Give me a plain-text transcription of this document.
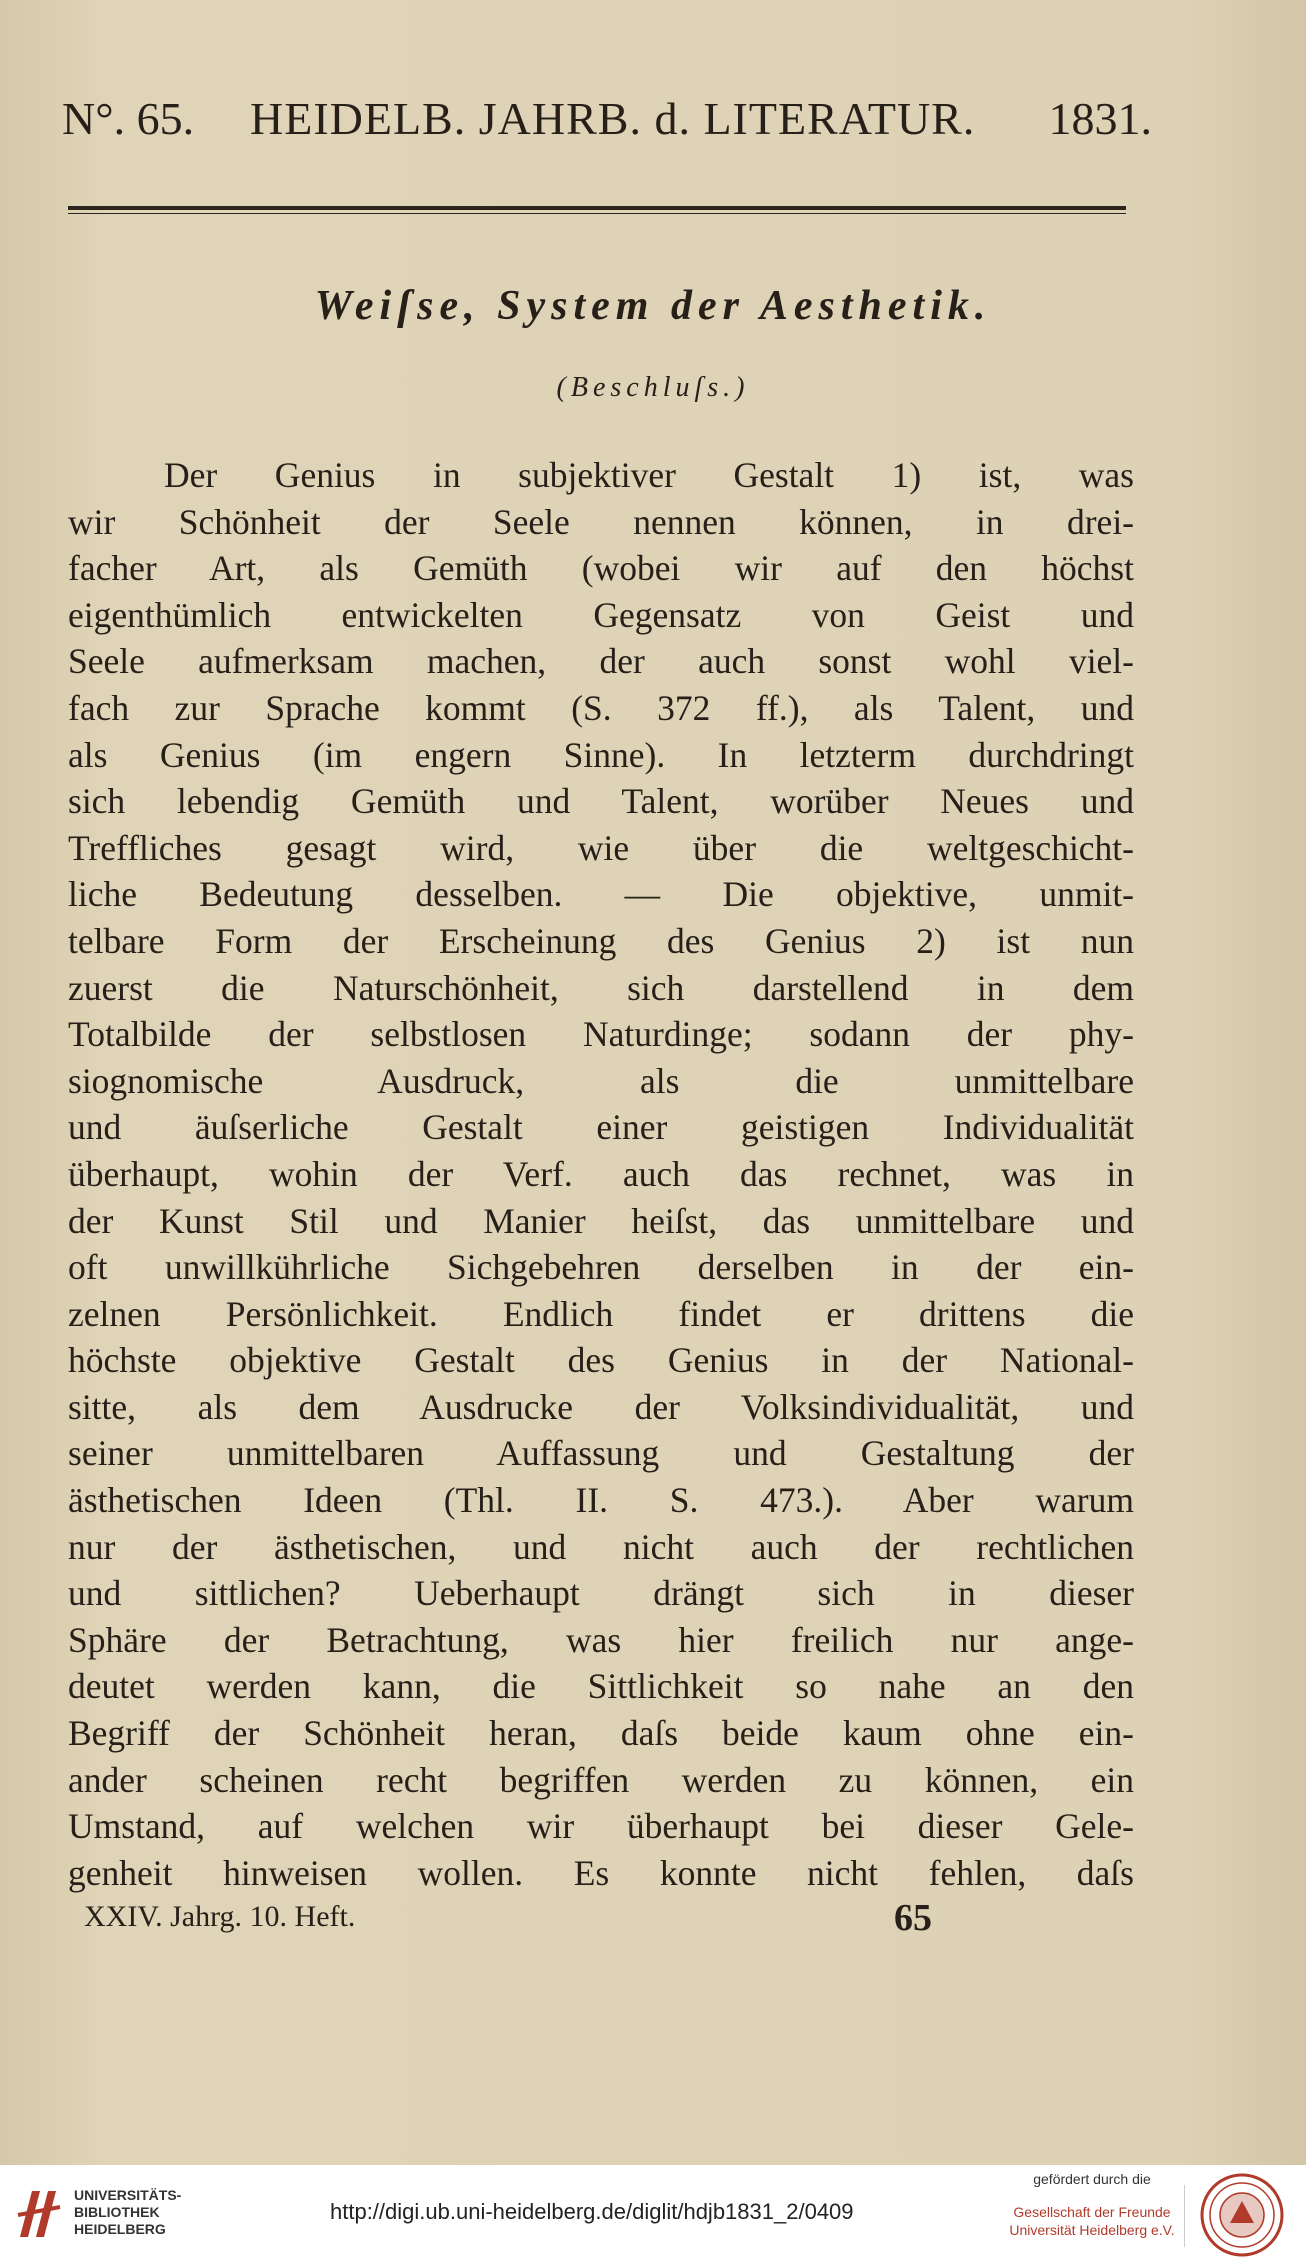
N°. 65. HEIDELB. JAHRB. d. LITERATUR. 1831.
Weiſse, System der Aesthetik.
(Beschluſs.)
Der Genius in subjektiver Gestalt 1) ist, was
wir Schönheit der Seele nennen können, in drei-
facher Art, als Gemüth (wobei wir auf den höchst
eigenthümlich entwickelten Gegensatz von Geist und
Seele aufmerksam machen, der auch sonst wohl viel-
fach zur Sprache kommt (S. 372 ff.), als Talent, und
als Genius (im engern Sinne). In letzterm durchdringt
sich lebendig Gemüth und Talent, worüber Neues und
Treffliches gesagt wird, wie über die weltgeschicht-
liche Bedeutung desselben. — Die objektive, unmit-
telbare Form der Erscheinung des Genius 2) ist nun
zuerst die Naturschönheit, sich darstellend in dem
Totalbilde der selbstlosen Naturdinge; sodann der phy-
siognomische Ausdruck, als die unmittelbare
und äuſserliche Gestalt einer geistigen Individualität
überhaupt, wohin der Verf. auch das rechnet, was in
der Kunst Stil und Manier heiſst, das unmittelbare und
oft unwillkührliche Sichgebehren derselben in der ein-
zelnen Persönlichkeit. Endlich findet er drittens die
höchste objektive Gestalt des Genius in der National-
sitte, als dem Ausdrucke der Volksindividualität, und
seiner unmittelbaren Auffassung und Gestaltung der
ästhetischen Ideen (Thl. II. S. 473.). Aber warum
nur der ästhetischen, und nicht auch der rechtlichen
und sittlichen? Ueberhaupt drängt sich in dieser
Sphäre der Betrachtung, was hier freilich nur ange-
deutet werden kann, die Sittlichkeit so nahe an den
Begriff der Schönheit heran, daſs beide kaum ohne ein-
ander scheinen recht begriffen werden zu können, ein
Umstand, auf welchen wir überhaupt bei dieser Gele-
genheit hinweisen wollen. Es konnte nicht fehlen, daſs
XXIV. Jahrg. 10. Heft.	65
UNIVERSITÄTS-
BIBLIOTHEK
HEIDELBERG
http://digi.ub.uni-heidelberg.de/diglit/hdjb1831_2/0409
gefördert durch die
Gesellschaft der Freunde
Universität Heidelberg e.V.
